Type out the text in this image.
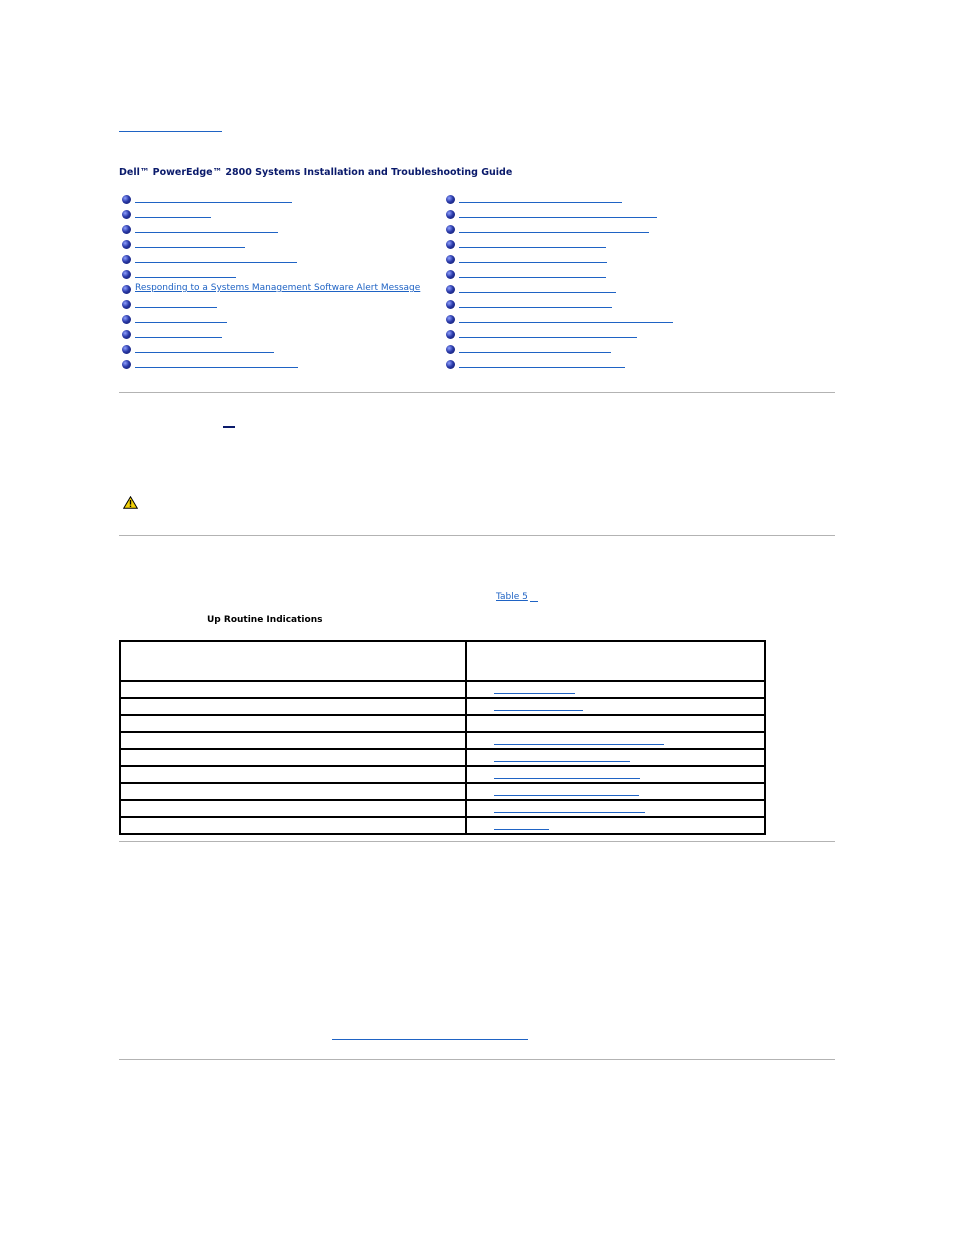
Dell™ PowerEdge™ 2800 Systems Installation and Troubleshooting Guide
Responding to a Systems Management Software Alert Message
Table 5
Up Routine Indications
